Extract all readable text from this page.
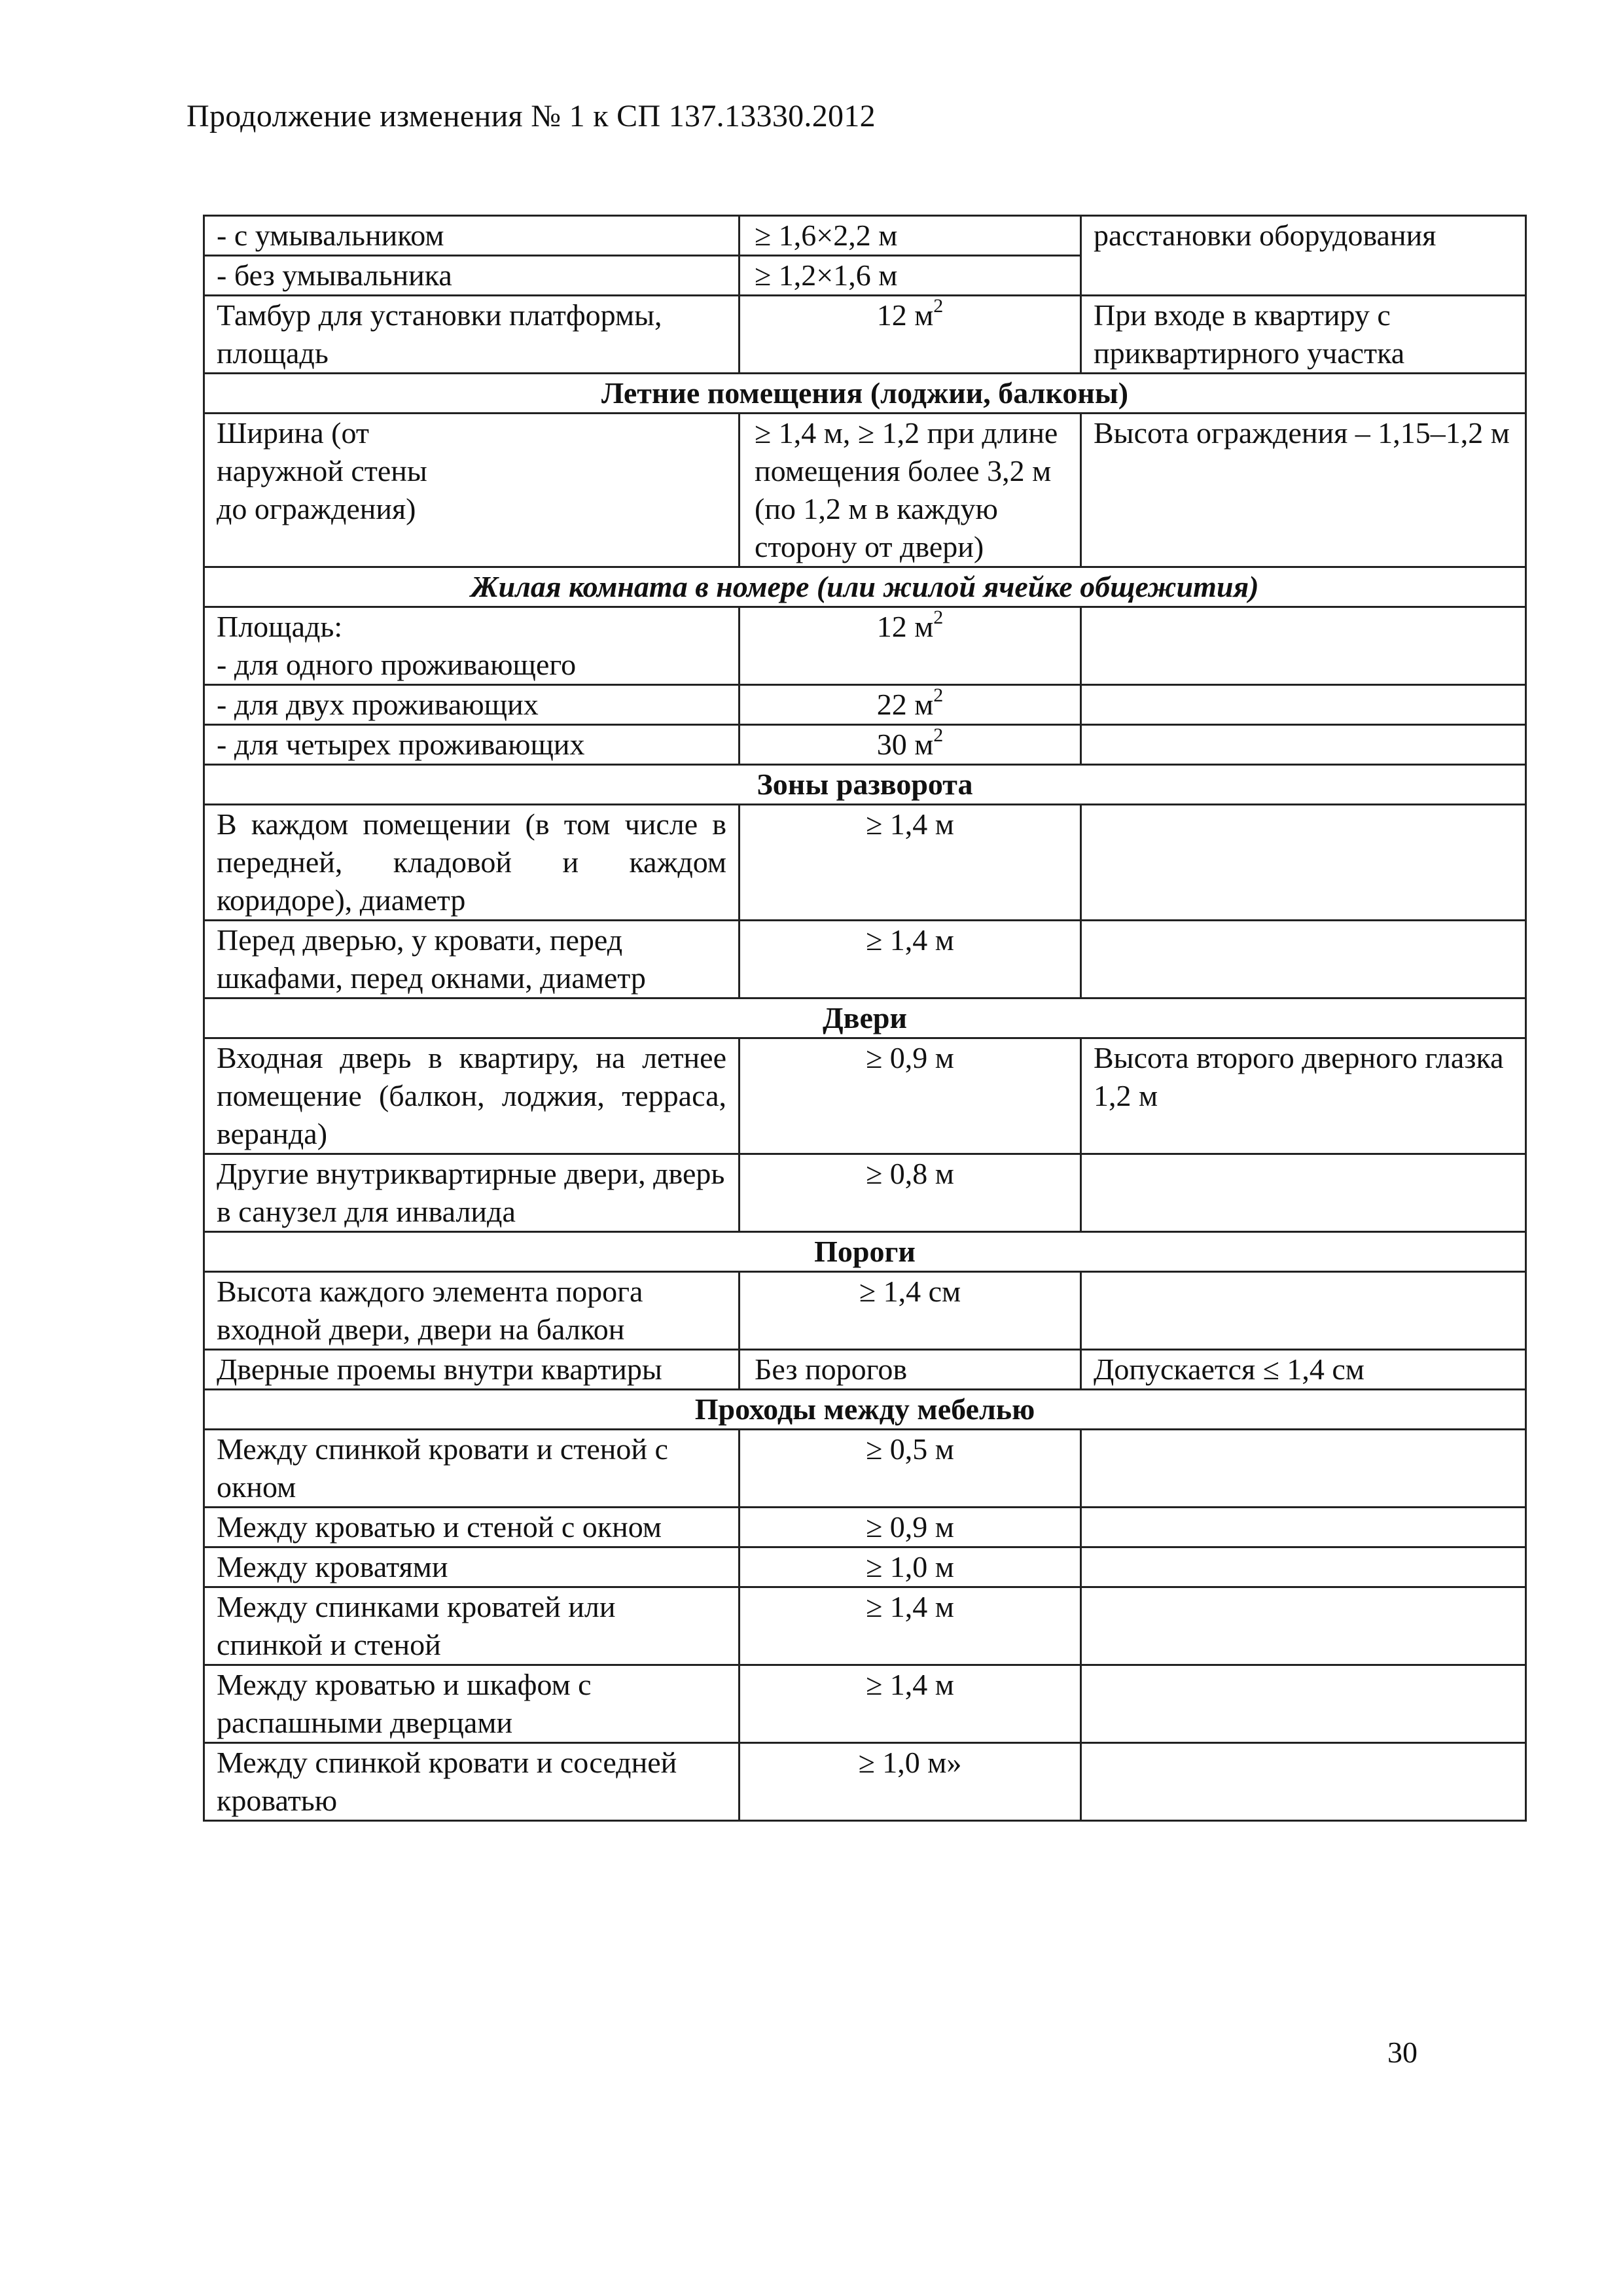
Продолжение изменения № 1 к СП 137.13330.2012
- с умывальником	≥ 1,6×2,2 м	расстановки оборудования
- без умывальника	≥ 1,2×1,6 м	
Тамбур для установки платформы, площадь	12 $м^2$	При входе в квартиру с приквартирного участка
Летние помещения (лоджии, балконы)		

Ширина (от наружной стены до ограждения)	≥ 1,4 м, ≥ 1,2 при длине помещения более 3,2 м (по 1,2 м в каждую сторону от двери)	Высота ограждения – 1,15–1,2 м
Жилая комната в номере (или жилой ячейке общежития)		

Площадь:
- для одного проживающего	12 $м^2$	
- для двух проживающих	22 $м^2$	
- для четырех проживающих	30 $м^2$	
Зоны разворота		
В каждом помещении (в том числе в передней, кладовой и каждом коридоре), диаметр	≥ 1,4 м	
Перед дверью, у кровати, перед шкафами, перед окнами, диаметр	≥ 1,4 м	
Двери		
Входная дверь в квартиру, на летнее помещение (балкон, лоджия, терраса, веранда)	≥ 0,9 м	Высота второго дверного глазка 1,2 м
Другие внутриквартирные двери, дверь в санузел для инвалида	≥ 0,8 м	
Пороги		
Высота каждого элемента порога входной двери, двери на балкон	≥ 1,4 см	
Дверные проемы внутри квартиры	Без порогов	Допускается ≤ 1,4 см
Проходы между мебелью		
Между спинкой кровати и стеной с окном	≥ 0,5 м	
Между кроватью и стеной с окном	≥ 0,9 м	
Между кроватями	≥ 1,0 м	
Между спинками кроватей или спинкой и стеной	≥ 1,4 м	
Между кроватью и шкафом с распашными дверцами	≥ 1,4 м	
Между спинкой кровати и соседней кроватью	≥ 1,0 м»	
30
